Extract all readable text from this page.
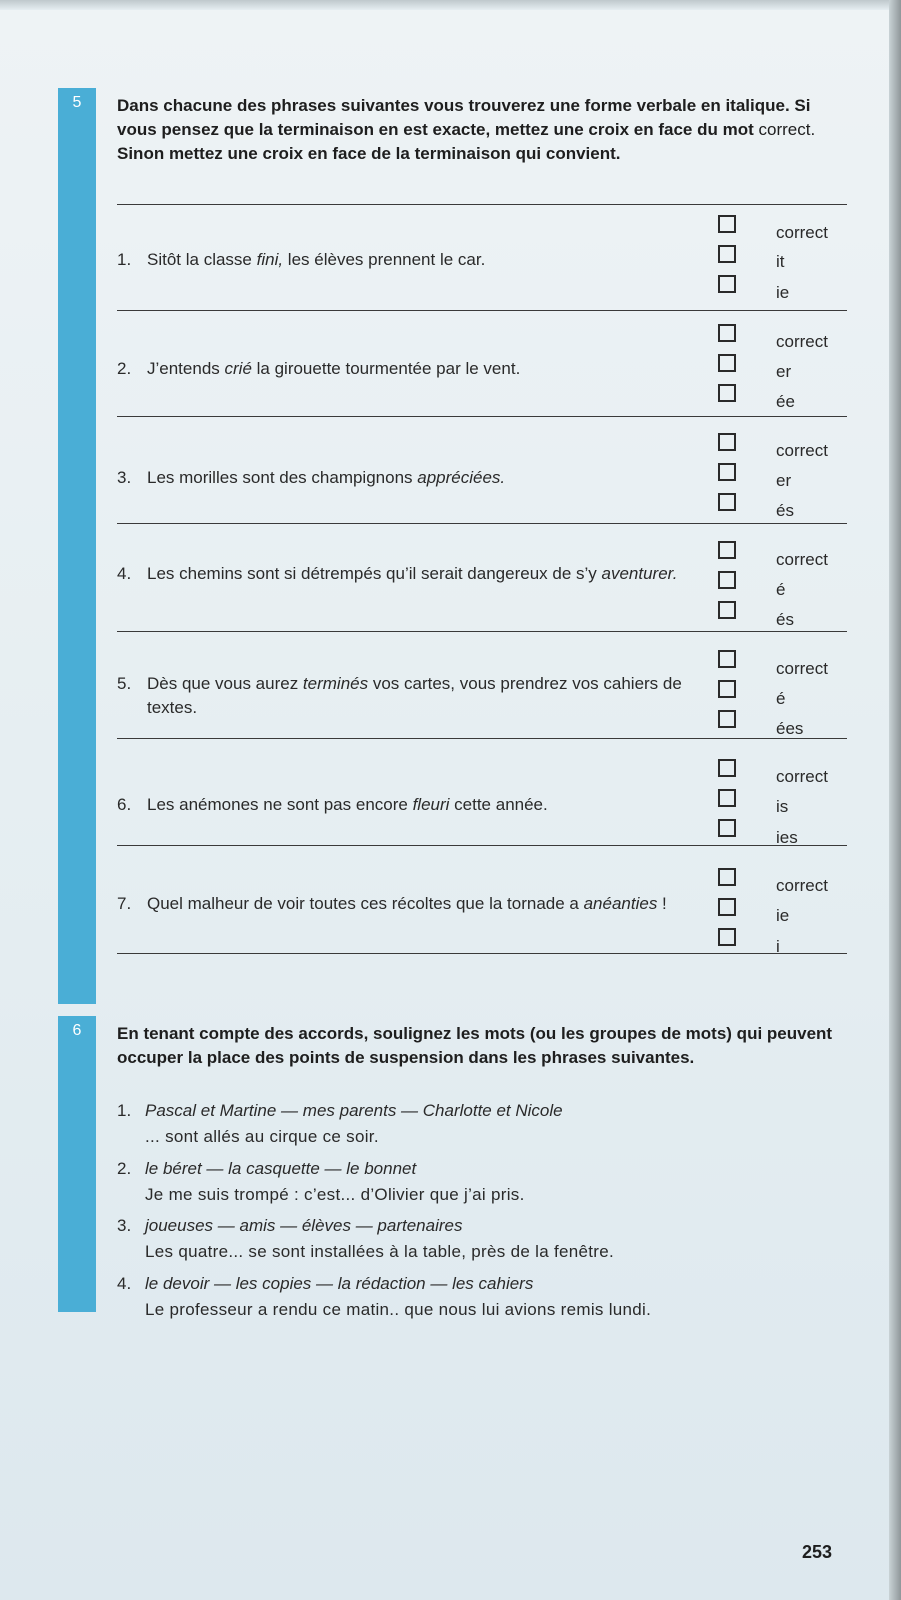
5	Dans chacune des phrases suivantes vous trouverez une forme verbale en italique. Si vous pensez que la terminaison en est exacte, mettez une croix en face du mot correct. Sinon mettez une croix en face de la terminaison qui convient.
1. Sitôt la classe fini, les élèves prennent le car.
correct
it
ie
2. J’entends crié la girouette tourmentée par le vent.
correct
er
ée
3. Les morilles sont des champignons appréciées.
correct
er
és
4. Les chemins sont si détrempés qu’il serait dangereux de s’y aventurer.
correct
é
és
5. Dès que vous aurez terminés vos cartes, vous prendrez vos cahiers de textes.
correct
é
ées
6. Les anémones ne sont pas encore fleuri cette année.
correct
is
ies
7. Quel malheur de voir toutes ces récoltes que la tornade a anéanties !
correct
ie
i
6	En tenant compte des accords, soulignez les mots (ou les groupes de mots) qui peuvent occuper la place des points de suspension dans les phrases suivantes.
1. Pascal et Martine — mes parents — Charlotte et Nicole
... sont allés au cirque ce soir.
2. le béret — la casquette — le bonnet
Je me suis trompé : c’est... d’Olivier que j’ai pris.
3. joueuses — amis — élèves — partenaires
Les quatre... se sont installées à la table, près de la fenêtre.
4. le devoir — les copies — la rédaction — les cahiers
Le professeur a rendu ce matin.. que nous lui avions remis lundi.
253
